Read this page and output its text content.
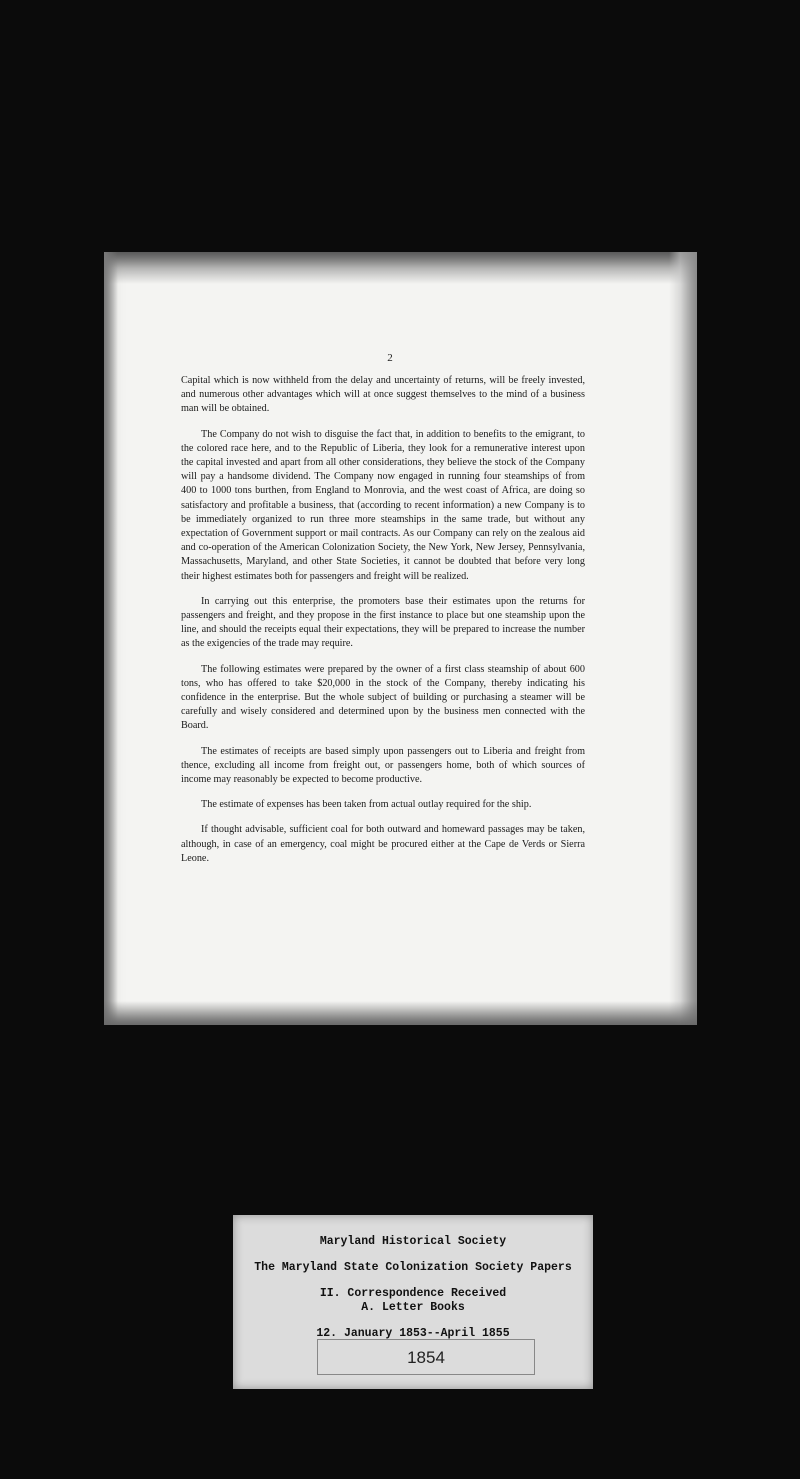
2

Capital which is now withheld from the delay and uncertainty of returns, will be freely invested, and numerous other advantages which will at once suggest themselves to the mind of a business man will be obtained.

The Company do not wish to disguise the fact that, in addition to benefits to the emigrant, to the colored race here, and to the Republic of Liberia, they look for a remunerative interest upon the capital invested and apart from all other considerations, they believe the stock of the Company will pay a handsome dividend. The Company now engaged in running four steamships of from 400 to 1000 tons burthen, from England to Monrovia, and the west coast of Africa, are doing so satisfactory and profitable a business, that (according to recent information) a new Company is to be immediately organized to run three more steamships in the same trade, but without any expectation of Government support or mail contracts. As our Company can rely on the zealous aid and co-operation of the American Colonization Society, the New York, New Jersey, Pennsylvania, Massachusetts, Maryland, and other State Societies, it cannot be doubted that before very long their highest estimates both for passengers and freight will be realized.

In carrying out this enterprise, the promoters base their estimates upon the returns for passengers and freight, and they propose in the first instance to place but one steamship upon the line, and should the receipts equal their expectations, they will be prepared to increase the number as the exigencies of the trade may require.

The following estimates were prepared by the owner of a first class steamship of about 600 tons, who has offered to take $20,000 in the stock of the Company, thereby indicating his confidence in the enterprise. But the whole subject of building or purchasing a steamer will be carefully and wisely considered and determined upon by the business men connected with the Board.

The estimates of receipts are based simply upon passengers out to Liberia and freight from thence, excluding all income from freight out, or passengers home, both of which sources of income may reasonably be expected to become productive.

The estimate of expenses has been taken from actual outlay required for the ship.

If thought advisable, sufficient coal for both outward and homeward passages may be taken, although, in case of an emergency, coal might be procured either at the Cape de Verds or Sierra Leone.

Maryland Historical Society
The Maryland State Colonization Society Papers
II. Correspondence Received
A. Letter Books
12. January 1853--April 1855
1854
